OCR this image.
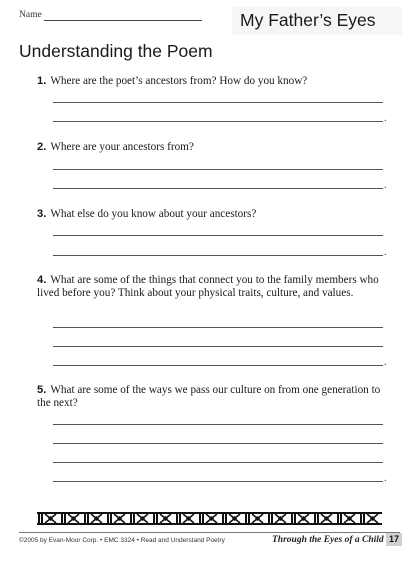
Name	My Father’s Eyes
Understanding the Poem
1. Where are the poet’s ancestors from? How do you know?
.
2. Where are your ancestors from?
.
3. What else do you know about your ancestors?
.
4. What are some of the things that connect you to the family members who lived before you? Think about your physical traits, culture, and values.
.
5. What are some of the ways we pass our culture on from one generation to the next?
.
©2005 by Evan-Moor Corp. • EMC 3324 • Read and Understand Poetry	Through the Eyes of a Child 17
